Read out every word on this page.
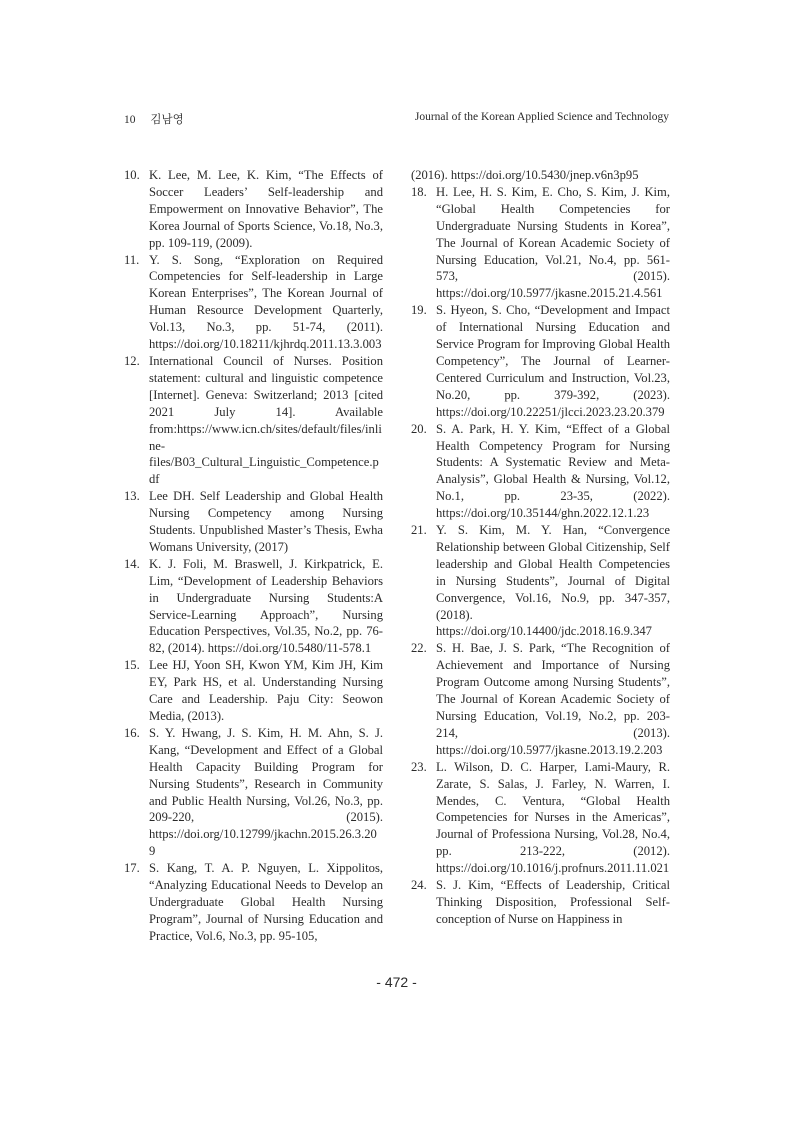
10 김남영	Journal of the Korean Applied Science and Technology
10. K. Lee, M. Lee, K. Kim, “The Effects of Soccer Leaders’ Self-leadership and Empowerment on Innovative Behavior”, The Korea Journal of Sports Science, Vo.18, No.3, pp. 109-119, (2009).
11. Y. S. Song, “Exploration on Required Competencies for Self-leadership in Large Korean Enterprises”, The Korean Journal of Human Resource Development Quarterly, Vol.13, No.3, pp. 51-74, (2011). https://doi.org/10.18211/kjhrdq.2011.13.3.003
12. International Council of Nurses. Position statement: cultural and linguistic competence [Internet]. Geneva: Switzerland; 2013 [cited 2021 July 14]. Available from:https://www.icn.ch/sites/default/files/inline-files/B03_Cultural_Linguistic_Competence.pdf
13. Lee DH. Self Leadership and Global Health Nursing Competency among Nursing Students. Unpublished Master’s Thesis, Ewha Womans University, (2017)
14. K. J. Foli, M. Braswell, J. Kirkpatrick, E. Lim, “Development of Leadership Behaviors in Undergraduate Nursing Students:A Service-Learning Approach”, Nursing Education Perspectives, Vol.35, No.2, pp. 76-82, (2014). https://doi.org/10.5480/11-578.1
15. Lee HJ, Yoon SH, Kwon YM, Kim JH, Kim EY, Park HS, et al. Understanding Nursing Care and Leadership. Paju City: Seowon Media, (2013).
16. S. Y. Hwang, J. S. Kim, H. M. Ahn, S. J. Kang, “Development and Effect of a Global Health Capacity Building Program for Nursing Students”, Research in Community and Public Health Nursing, Vol.26, No.3, pp. 209-220, (2015). https://doi.org/10.12799/jkachn.2015.26.3.209
17. S. Kang, T. A. P. Nguyen, L. Xippolitos, “Analyzing Educational Needs to Develop an Undergraduate Global Health Nursing Program”, Journal of Nursing Education and Practice, Vol.6, No.3, pp. 95-105,
(2016). https://doi.org/10.5430/jnep.v6n3p95
18. H. Lee, H. S. Kim, E. Cho, S. Kim, J. Kim, “Global Health Competencies for Undergraduate Nursing Students in Korea”, The Journal of Korean Academic Society of Nursing Education, Vol.21, No.4, pp. 561-573, (2015). https://doi.org/10.5977/jkasne.2015.21.4.561
19. S. Hyeon, S. Cho, “Development and Impact of International Nursing Education and Service Program for Improving Global Health Competency”, The Journal of Learner-Centered Curriculum and Instruction, Vol.23, No.20, pp. 379-392, (2023). https://doi.org/10.22251/jlcci.2023.23.20.379
20. S. A. Park, H. Y. Kim, “Effect of a Global Health Competency Program for Nursing Students: A Systematic Review and Meta-Analysis”, Global Health & Nursing, Vol.12, No.1, pp. 23-35, (2022). https://doi.org/10.35144/ghn.2022.12.1.23
21. Y. S. Kim, M. Y. Han, “Convergence Relationship between Global Citizenship, Self leadership and Global Health Competencies in Nursing Students”, Journal of Digital Convergence, Vol.16, No.9, pp. 347-357, (2018). https://doi.org/10.14400/jdc.2018.16.9.347
22. S. H. Bae, J. S. Park, “The Recognition of Achievement and Importance of Nursing Program Outcome among Nursing Students”, The Journal of Korean Academic Society of Nursing Education, Vol.19, No.2, pp. 203-214, (2013). https://doi.org/10.5977/jkasne.2013.19.2.203
23. L. Wilson, D. C. Harper, I.ami-Maury, R. Zarate, S. Salas, J. Farley, N. Warren, I. Mendes, C. Ventura, “Global Health Competencies for Nurses in the Americas”, Journal of Professiona Nursing, Vol.28, No.4, pp. 213-222, (2012). https://doi.org/10.1016/j.profnurs.2011.11.021
24. S. J. Kim, “Effects of Leadership, Critical Thinking Disposition, Professional Self-conception of Nurse on Happiness in
- 472 -
